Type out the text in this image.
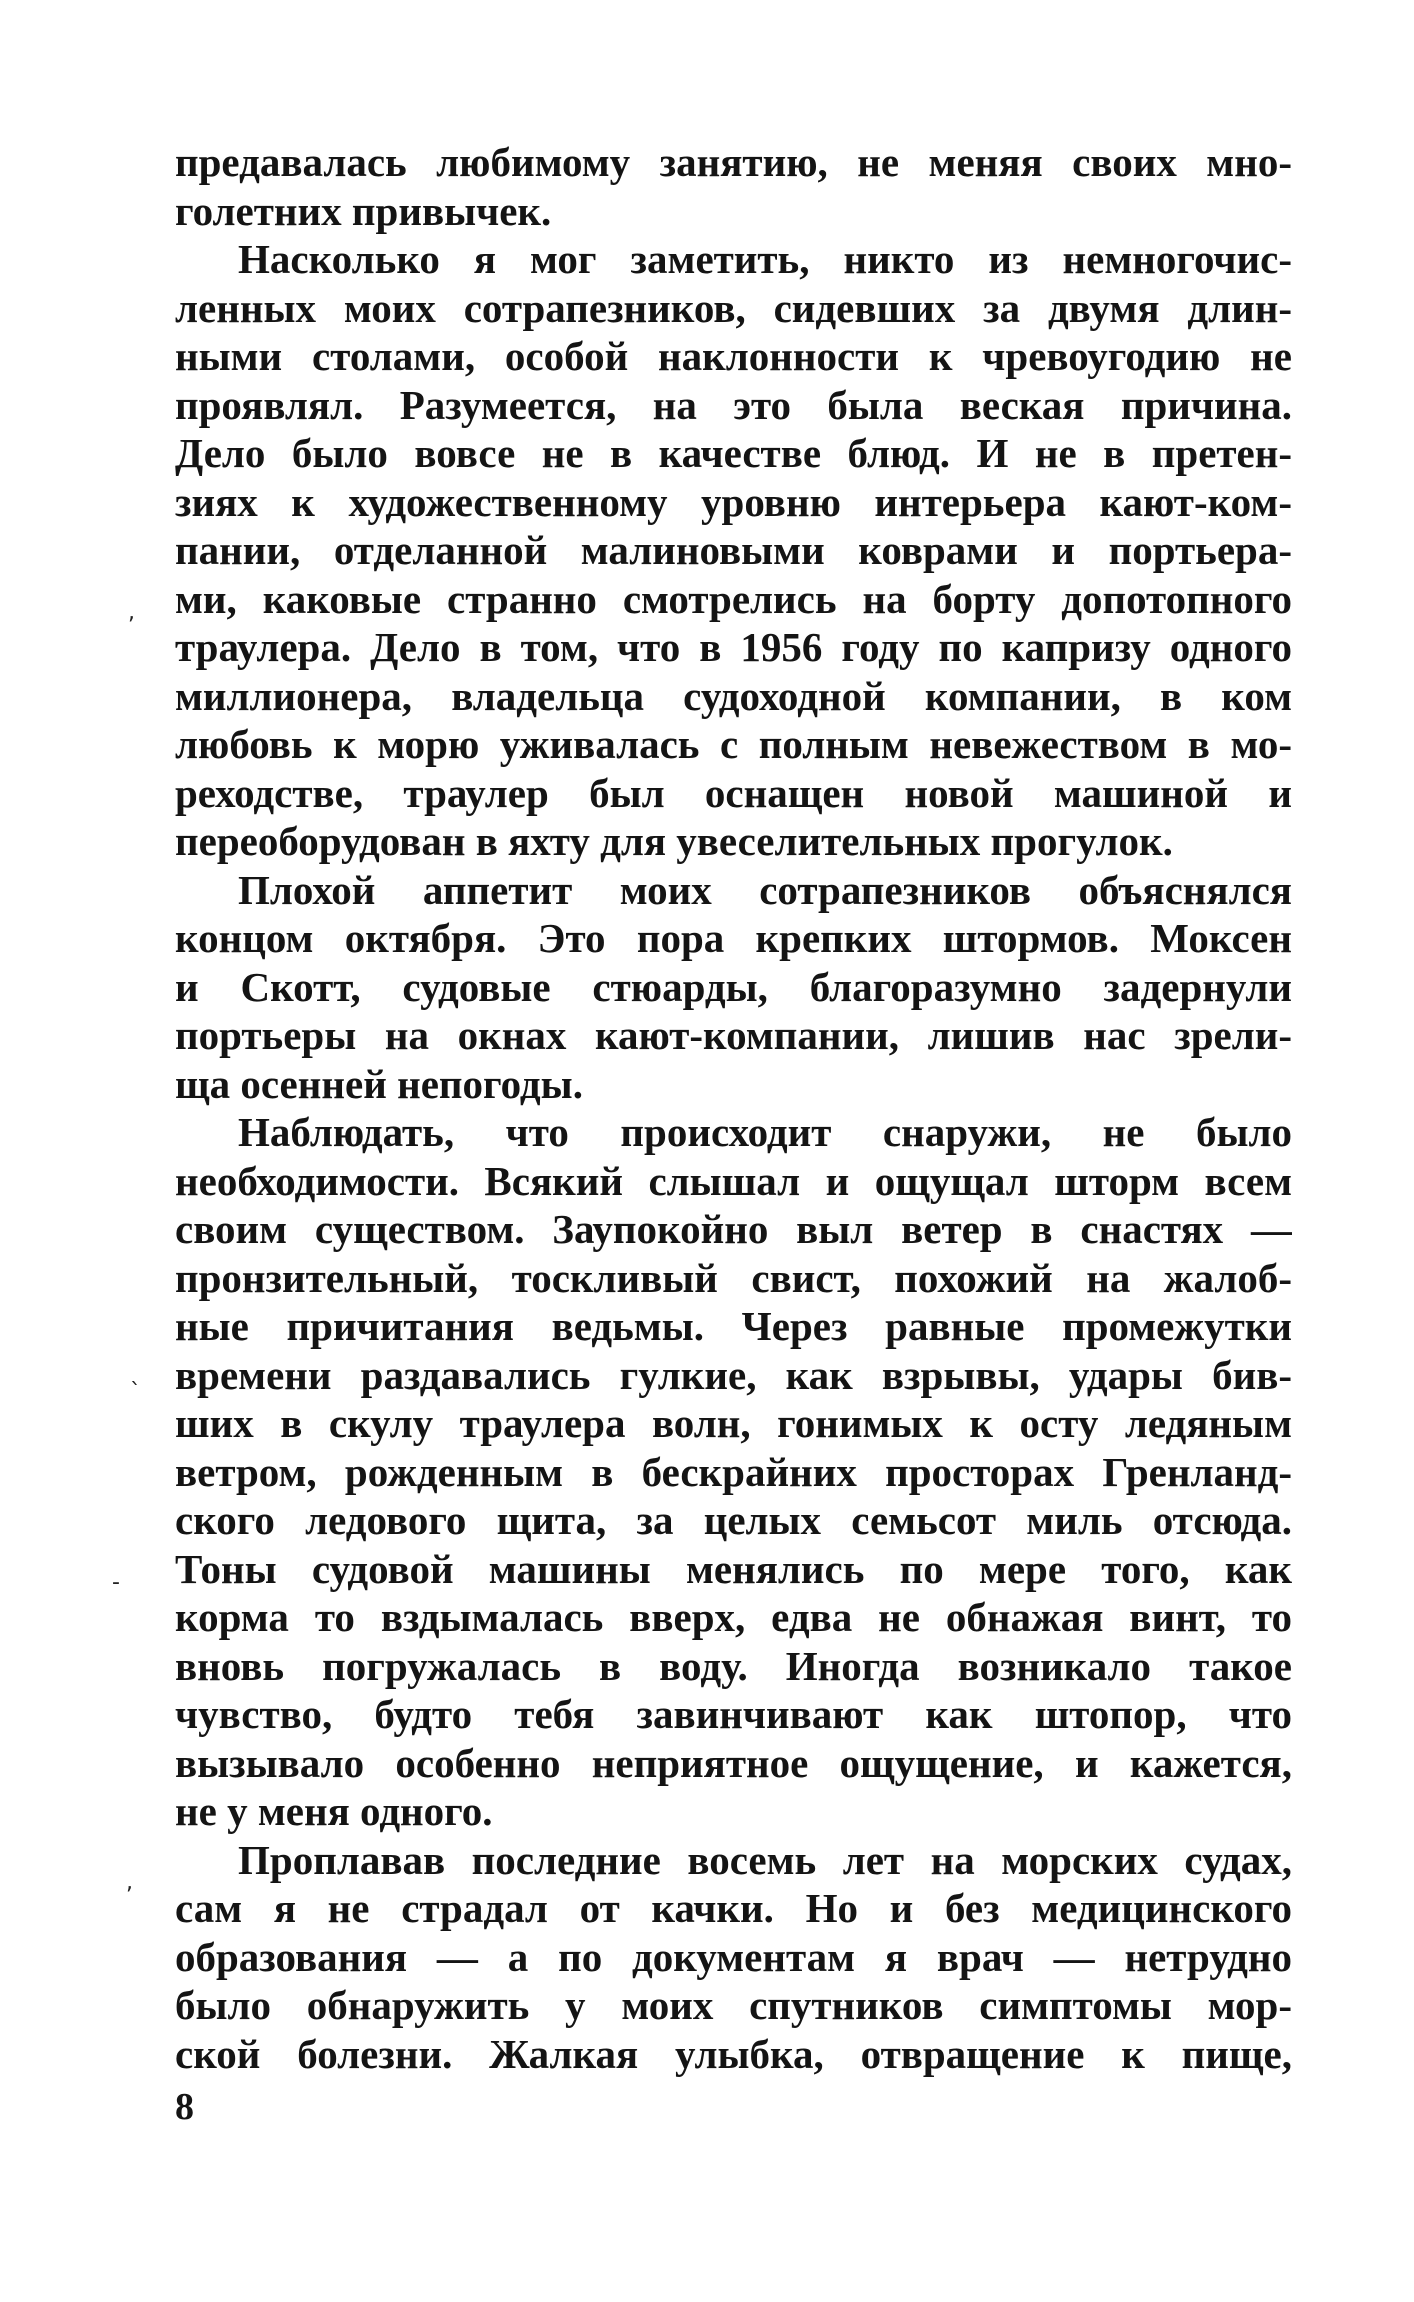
предавалась любимому занятию, не меняя своих мно-
голетних привычек.
Насколько я мог заметить, никто из немногочис-
ленных моих сотрапезников, сидевших за двумя длин-
ными столами, особой наклонности к чревоугодию не
проявлял. Разумеется, на это была веская причина.
Дело было вовсе не в качестве блюд. И не в претен-
зиях к художественному уровню интерьера кают-ком-
пании, отделанной малиновыми коврами и портьера-
ми, каковые странно смотрелись на борту допотопного
траулера. Дело в том, что в 1956 году по капризу одного
миллионера, владельца судоходной компании, в ком
любовь к морю уживалась с полным невежеством в мо-
реходстве, траулер был оснащен новой машиной и
переоборудован в яхту для увеселительных прогулок.
Плохой аппетит моих сотрапезников объяснялся
концом октября. Это пора крепких штормов. Моксен
и Скотт, судовые стюарды, благоразумно задернули
портьеры на окнах кают-компании, лишив нас зрели-
ща осенней непогоды.
Наблюдать, что происходит снаружи, не было
необходимости. Всякий слышал и ощущал шторм всем
своим существом. Заупокойно выл ветер в снастях —
пронзительный, тоскливый свист, похожий на жалоб-
ные причитания ведьмы. Через равные промежутки
времени раздавались гулкие, как взрывы, удары бив-
ших в скулу траулера волн, гонимых к осту ледяным
ветром, рожденным в бескрайних просторах Гренланд-
ского ледового щита, за целых семьсот миль отсюда.
Тоны судовой машины менялись по мере того, как
корма то вздымалась вверх, едва не обнажая винт, то
вновь погружалась в воду. Иногда возникало такое
чувство, будто тебя завинчивают как штопор, что
вызывало особенно неприятное ощущение, и кажется,
не у меня одного.
Проплавав последние восемь лет на морских судах,
сам я не страдал от качки. Но и без медицинского
образования — а по документам я врач — нетрудно
было обнаружить у моих спутников симптомы мор-
ской болезни. Жалкая улыбка, отвращение к пище,
,
`
-
,
8
